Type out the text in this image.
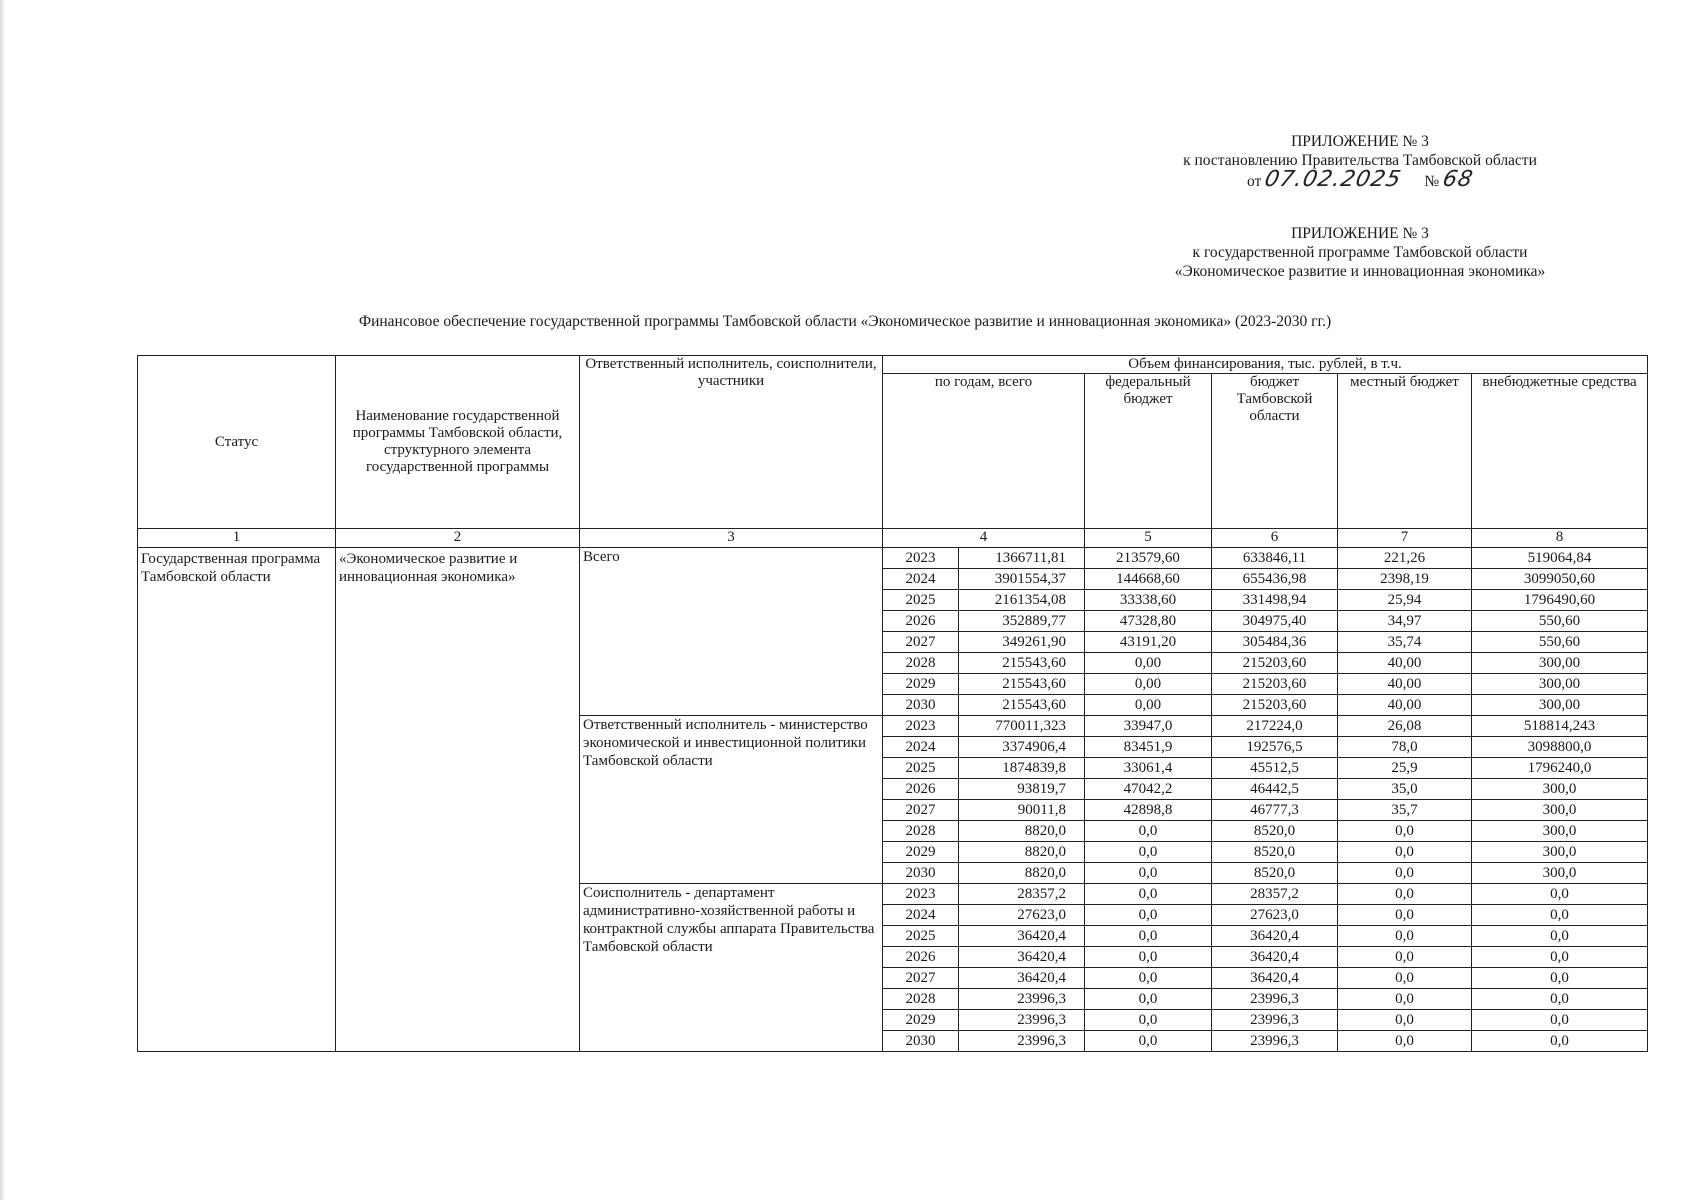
ПРИЛОЖЕНИЕ № 3
к постановлению Правительства Тамбовской области
от 07.02.2025 № 68
ПРИЛОЖЕНИЕ № 3
к государственной программе Тамбовской области
«Экономическое развитие и инновационная экономика»
Финансовое обеспечение государственной программы Тамбовской области «Экономическое развитие и инновационная экономика» (2023-2030 гг.)
Статус	Наименование государственной программы Тамбовской области, структурного элемента государственной программы	Ответственный исполнитель, соисполнители, участники	Объем финансирования, тыс. рублей, в т.ч.					
			по годам, всего		федеральный бюджет	бюджет Тамбовской области	местный бюджет	внебюджетные средства
1	2	3	4		5	6	7	8
Государственная программа Тамбовской области	«Экономическое развитие и инновационная экономика»	Всего	2023	1366711,81	213579,60	633846,11	221,26	519064,84
			2024	3901554,37	144668,60	655436,98	2398,19	3099050,60
			2025	2161354,08	33338,60	331498,94	25,94	1796490,60
			2026	352889,77	47328,80	304975,40	34,97	550,60
			2027	349261,90	43191,20	305484,36	35,74	550,60
			2028	215543,60	0,00	215203,60	40,00	300,00
			2029	215543,60	0,00	215203,60	40,00	300,00
			2030	215543,60	0,00	215203,60	40,00	300,00
		Ответственный исполнитель - министерство экономической и инвестиционной политики Тамбовской области	2023	770011,323	33947,0	217224,0	26,08	518814,243
			2024	3374906,4	83451,9	192576,5	78,0	3098800,0
			2025	1874839,8	33061,4	45512,5	25,9	1796240,0
			2026	93819,7	47042,2	46442,5	35,0	300,0
			2027	90011,8	42898,8	46777,3	35,7	300,0
			2028	8820,0	0,0	8520,0	0,0	300,0
			2029	8820,0	0,0	8520,0	0,0	300,0
			2030	8820,0	0,0	8520,0	0,0	300,0
		Соисполнитель - департамент административно-хозяйственной работы и контрактной службы аппарата Правительства Тамбовской области	2023	28357,2	0,0	28357,2	0,0	0,0
			2024	27623,0	0,0	27623,0	0,0	0,0
			2025	36420,4	0,0	36420,4	0,0	0,0
			2026	36420,4	0,0	36420,4	0,0	0,0
			2027	36420,4	0,0	36420,4	0,0	0,0
			2028	23996,3	0,0	23996,3	0,0	0,0
			2029	23996,3	0,0	23996,3	0,0	0,0
			2030	23996,3	0,0	23996,3	0,0	0,0
